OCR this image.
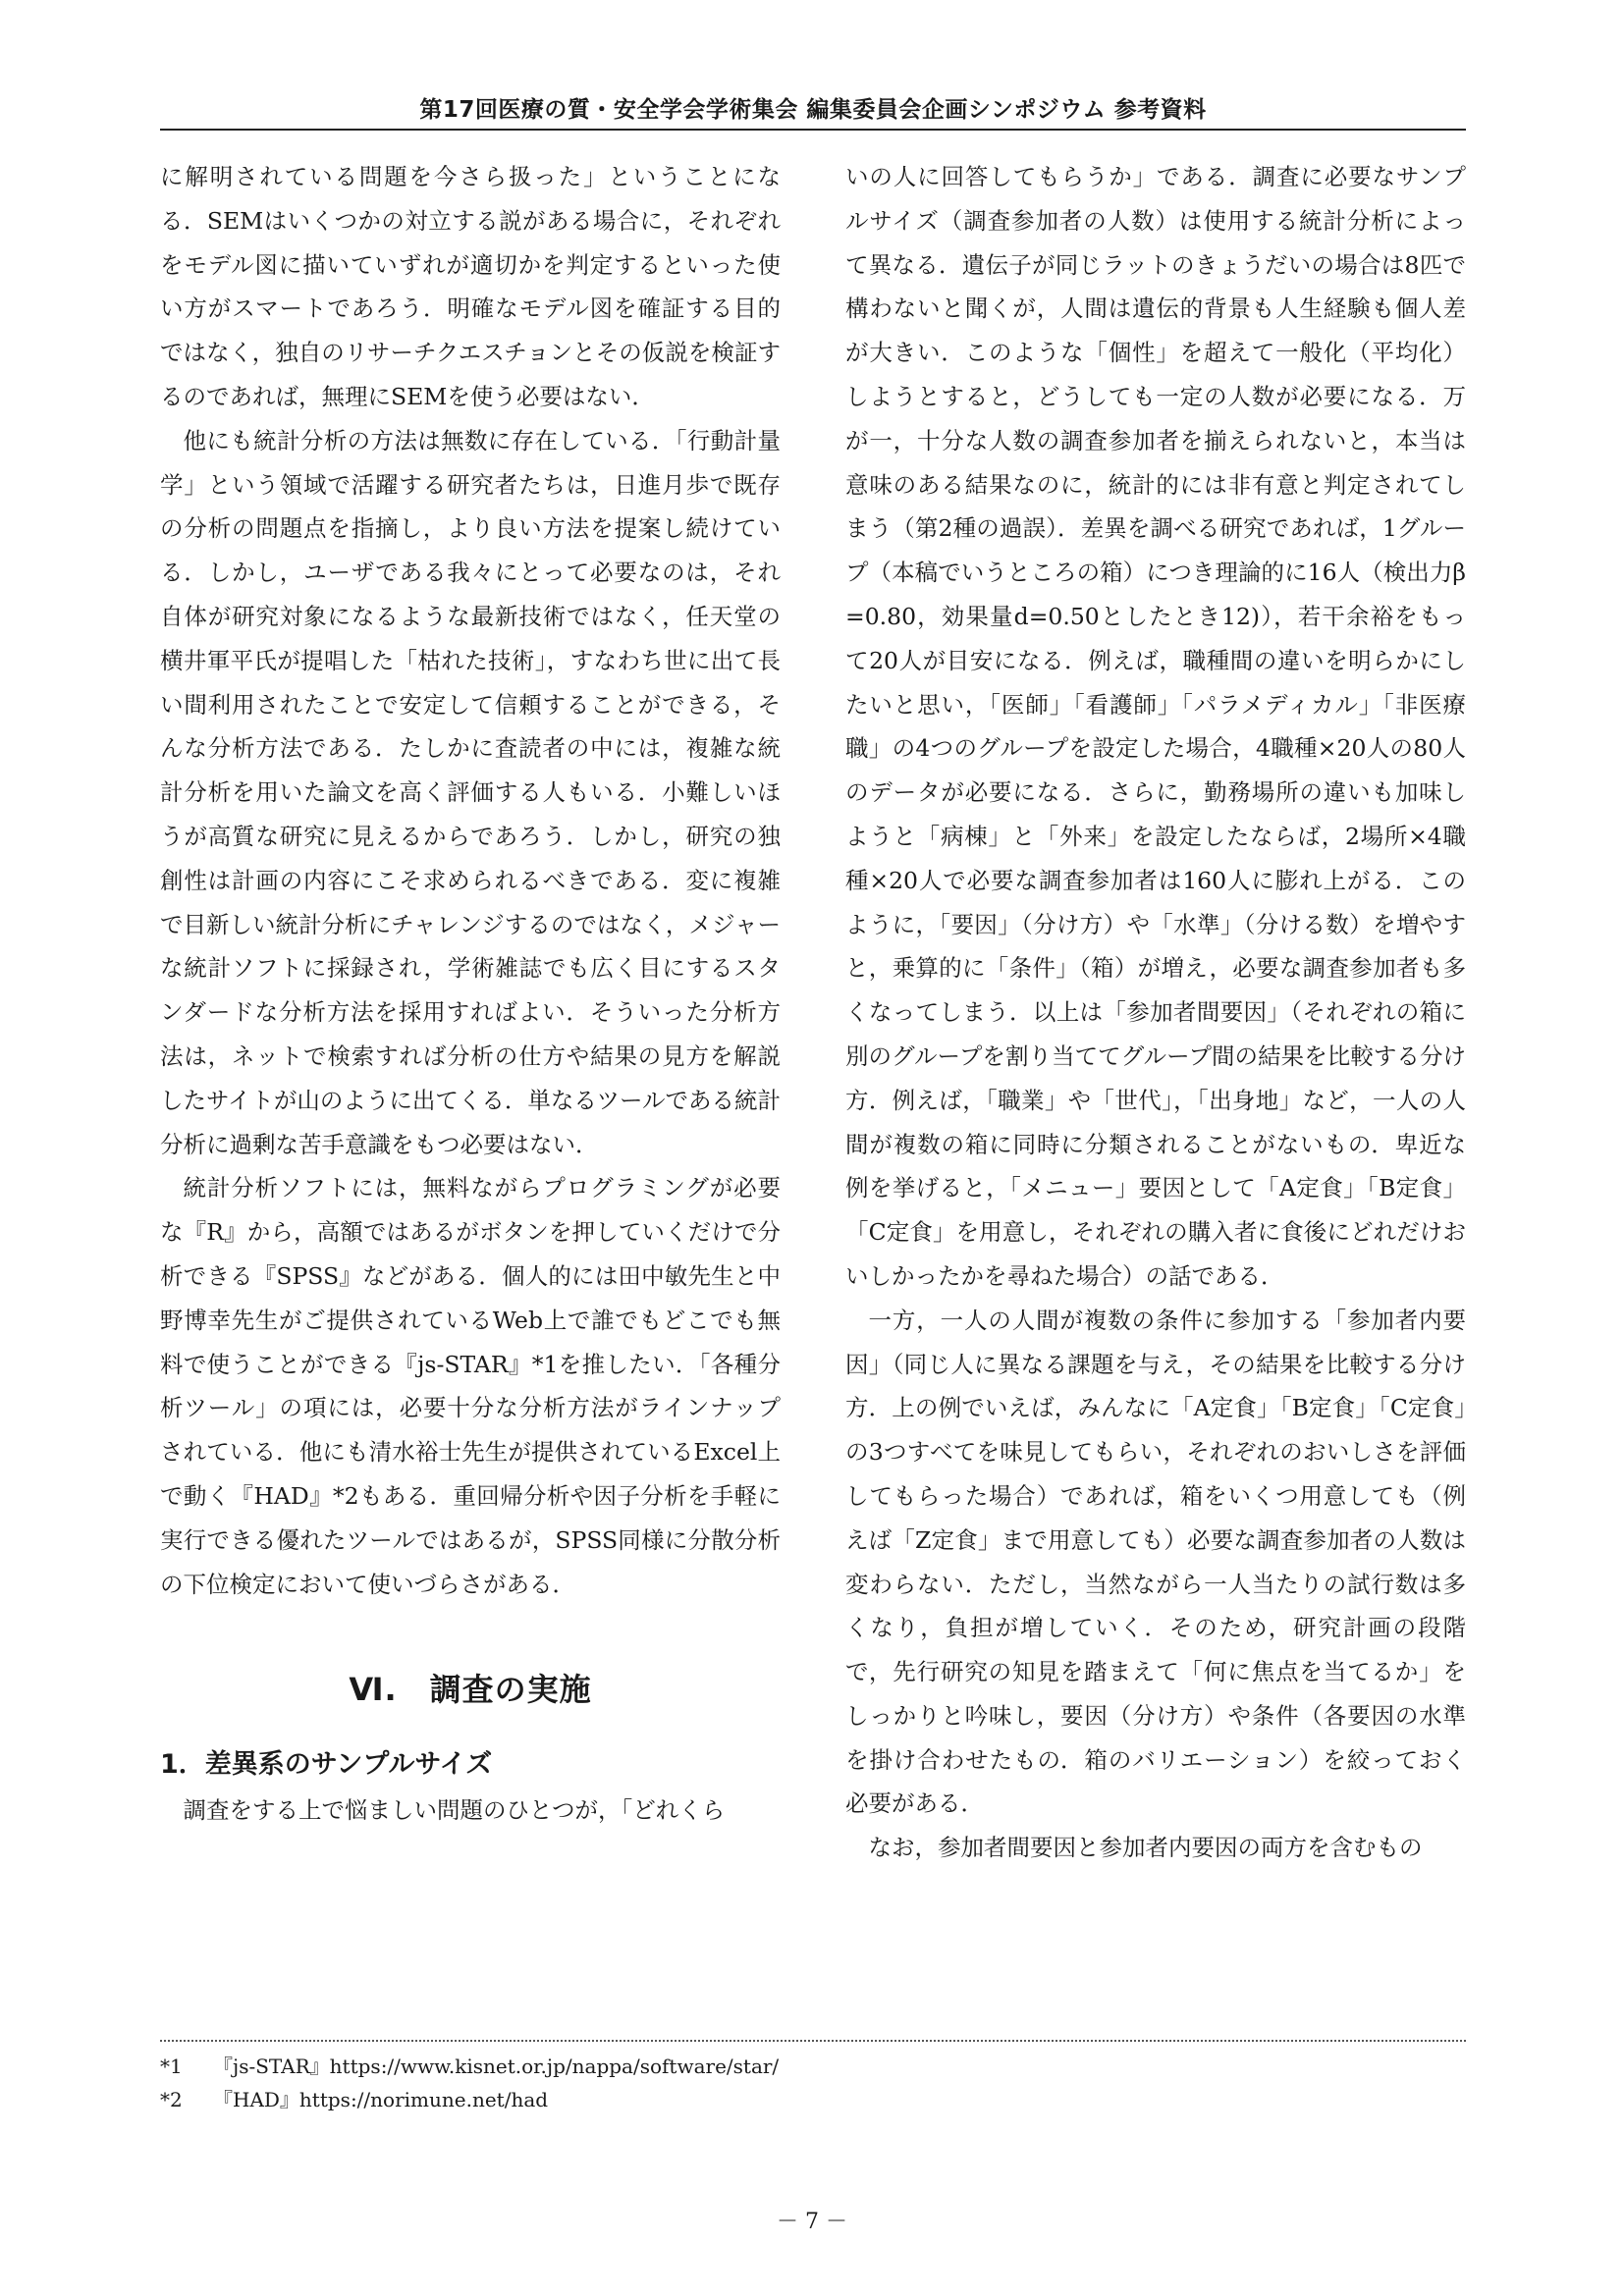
第17回医療の質・安全学会学術集会 編集委員会企画シンポジウム 参考資料

に解明されている問題を今さら扱った」ということになる．SEMはいくつかの対立する説がある場合に，それぞれをモデル図に描いていずれが適切かを判定するといった使い方がスマートであろう．明確なモデル図を確証する目的ではなく，独自のリサーチクエスチョンとその仮説を検証するのであれば，無理にSEMを使う必要はない．

他にも統計分析の方法は無数に存在している．「行動計量学」という領域で活躍する研究者たちは，日進月歩で既存の分析の問題点を指摘し，より良い方法を提案し続けている．しかし，ユーザである我々にとって必要なのは，それ自体が研究対象になるような最新技術ではなく，任天堂の横井軍平氏が提唱した「枯れた技術」，すなわち世に出て長い間利用されたことで安定して信頼することができる，そんな分析方法である．たしかに査読者の中には，複雑な統計分析を用いた論文を高く評価する人もいる．小難しいほうが高質な研究に見えるからであろう．しかし，研究の独創性は計画の内容にこそ求められるべきである．変に複雑で目新しい統計分析にチャレンジするのではなく，メジャーな統計ソフトに採録され，学術雑誌でも広く目にするスタンダードな分析方法を採用すればよい．そういった分析方法は，ネットで検索すれば分析の仕方や結果の見方を解説したサイトが山のように出てくる．単なるツールである統計分析に過剰な苦手意識をもつ必要はない．

統計分析ソフトには，無料ながらプログラミングが必要な『R』から，高額ではあるがボタンを押していくだけで分析できる『SPSS』などがある．個人的には田中敏先生と中野博幸先生がご提供されているWeb上で誰でもどこでも無料で使うことができる『js-STAR』*1を推したい．「各種分析ツール」の項には，必要十分な分析方法がラインナップされている．他にも清水裕士先生が提供されているExcel上で動く『HAD』*2もある．重回帰分析や因子分析を手軽に実行できる優れたツールではあるが，SPSS同様に分散分析の下位検定において使いづらさがある．

Ⅵ.　調査の実施
1．差異系のサンプルサイズ

調査をする上で悩ましい問題のひとつが，「どれくら

いの人に回答してもらうか」である．調査に必要なサンプルサイズ（調査参加者の人数）は使用する統計分析によって異なる．遺伝子が同じラットのきょうだいの場合は8匹で構わないと聞くが，人間は遺伝的背景も人生経験も個人差が大きい．このような「個性」を超えて一般化（平均化）しようとすると，どうしても一定の人数が必要になる．万が一，十分な人数の調査参加者を揃えられないと，本当は意味のある結果なのに，統計的には非有意と判定されてしまう（第2種の過誤）．差異を調べる研究であれば，1グループ（本稿でいうところの箱）につき理論的に16人（検出力β=0.80，効果量d=0.50としたとき12)），若干余裕をもって20人が目安になる．例えば，職種間の違いを明らかにしたいと思い，「医師」「看護師」「パラメディカル」「非医療職」の4つのグループを設定した場合，4職種×20人の80人のデータが必要になる．さらに，勤務場所の違いも加味しようと「病棟」と「外来」を設定したならば，2場所×4職種×20人で必要な調査参加者は160人に膨れ上がる．このように，「要因」（分け方）や「水準」（分ける数）を増やすと，乗算的に「条件」（箱）が増え，必要な調査参加者も多くなってしまう．以上は「参加者間要因」（それぞれの箱に別のグループを割り当ててグループ間の結果を比較する分け方．例えば，「職業」や「世代」，「出身地」など，一人の人間が複数の箱に同時に分類されることがないもの．卑近な例を挙げると，「メニュー」要因として「A定食」「B定食」「C定食」を用意し，それぞれの購入者に食後にどれだけおいしかったかを尋ねた場合）の話である．

一方，一人の人間が複数の条件に参加する「参加者内要因」（同じ人に異なる課題を与え，その結果を比較する分け方．上の例でいえば，みんなに「A定食」「B定食」「C定食」の3つすべてを味見してもらい，それぞれのおいしさを評価してもらった場合）であれば，箱をいくつ用意しても（例えば「Z定食」まで用意しても）必要な調査参加者の人数は変わらない．ただし，当然ながら一人当たりの試行数は多くなり，負担が増していく．そのため，研究計画の段階で，先行研究の知見を踏まえて「何に焦点を当てるか」をしっかりと吟味し，要因（分け方）や条件（各要因の水準を掛け合わせたもの．箱のバリエーション）を絞っておく必要がある．

なお，参加者間要因と参加者内要因の両方を含むもの

*1 『js-STAR』https://www.kisnet.or.jp/nappa/software/star/
*2 『HAD』https://norimune.net/had
－ 7 －
